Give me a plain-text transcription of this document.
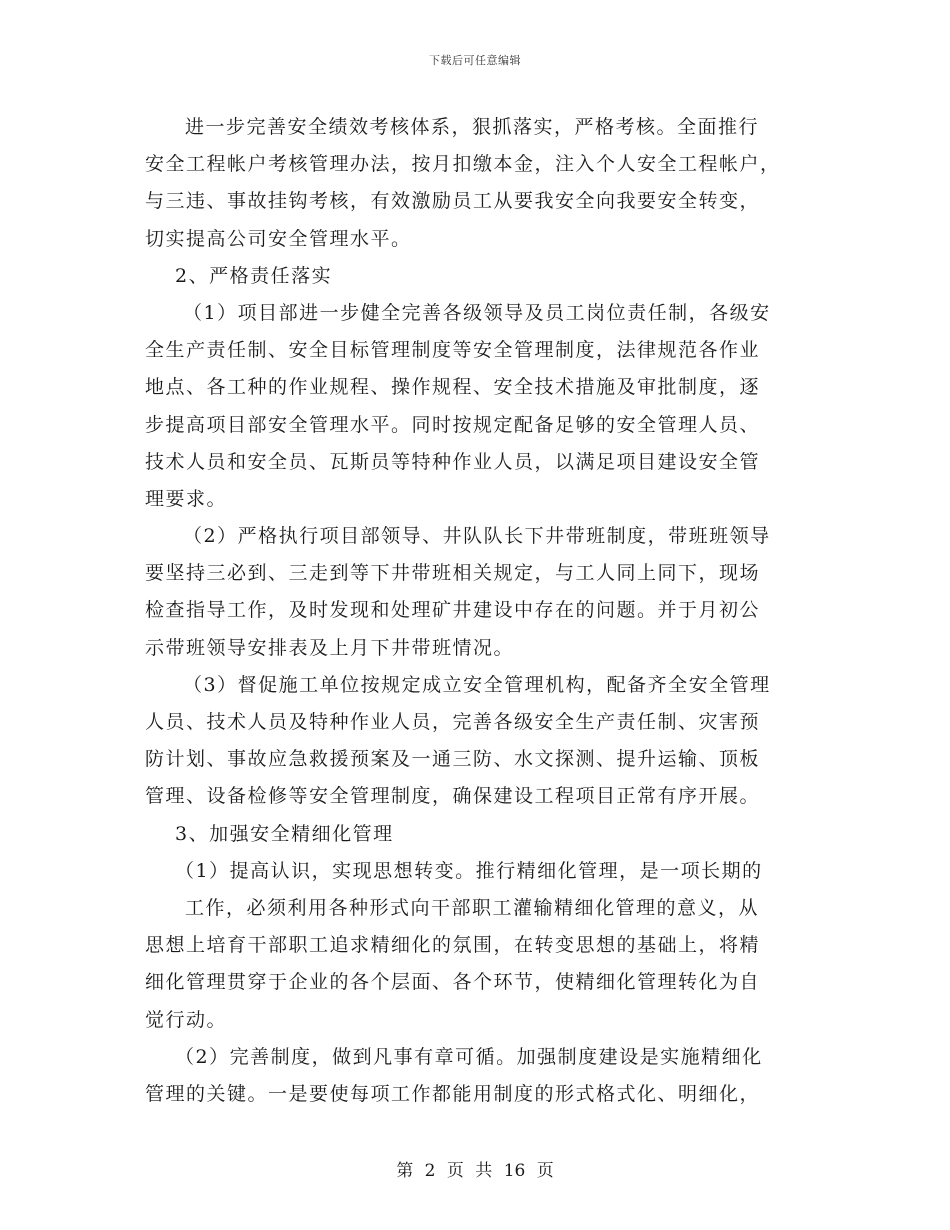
下载后可任意编辑
进一步完善安全绩效考核体系，狠抓落实，严格考核。全面推行
安全工程帐户考核管理办法，按月扣缴本金，注入个人安全工程帐户，
与三违、事故挂钩考核，有效激励员工从要我安全向我要安全转变，
切实提高公司安全管理水平。
2、严格责任落实
（1）项目部进一步健全完善各级领导及员工岗位责任制，各级安
全生产责任制、安全目标管理制度等安全管理制度，法律规范各作业
地点、各工种的作业规程、操作规程、安全技术措施及审批制度，逐
步提高项目部安全管理水平。同时按规定配备足够的安全管理人员、
技术人员和安全员、瓦斯员等特种作业人员，以满足项目建设安全管
理要求。
（2）严格执行项目部领导、井队队长下井带班制度，带班班领导
要坚持三必到、三走到等下井带班相关规定，与工人同上同下，现场
检查指导工作，及时发现和处理矿井建设中存在的问题。并于月初公
示带班领导安排表及上月下井带班情况。
（3）督促施工单位按规定成立安全管理机构，配备齐全安全管理
人员、技术人员及特种作业人员，完善各级安全生产责任制、灾害预
防计划、事故应急救援预案及一通三防、水文探测、提升运输、顶板
管理、设备检修等安全管理制度，确保建设工程项目正常有序开展。
3、加强安全精细化管理
（1）提高认识，实现思想转变。推行精细化管理，是一项长期的
工作，必须利用各种形式向干部职工灌输精细化管理的意义，从
思想上培育干部职工追求精细化的氛围，在转变思想的基础上，将精
细化管理贯穿于企业的各个层面、各个环节，使精细化管理转化为自
觉行动。
（2）完善制度，做到凡事有章可循。加强制度建设是实施精细化
管理的关键。一是要使每项工作都能用制度的形式格式化、明细化，
第 2 页 共 16 页
